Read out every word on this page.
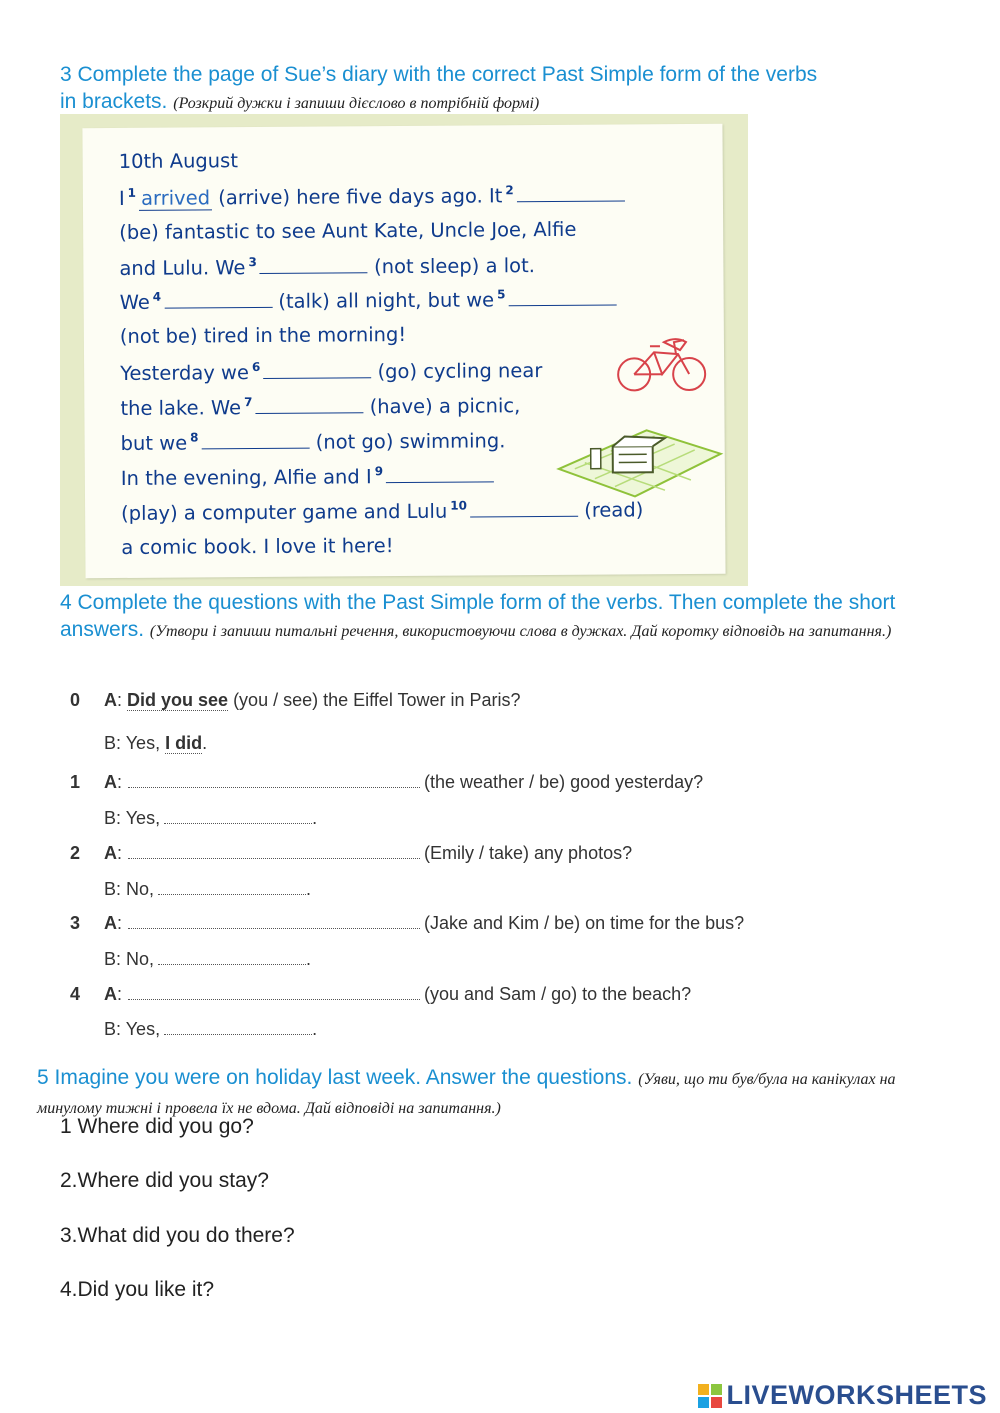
3 Complete the page of Sue’s diary with the correct Past Simple form of the verbs in brackets. (Розкрий дужки і запиши дієслово в потрібній формі)
10th August
I $^1$ arrived (arrive) here five days ago. It $^2$
(be) fantastic to see Aunt Kate, Uncle Joe, Alfie
and Lulu. We $^3$	(not sleep) a lot.
We $^4$	(talk) all night, but we $^5$
(not be) tired in the morning!
Yesterday we $^6$	(go) cycling near
the lake. We $^7$	(have) a picnic,
but we $^8$	(not go) swimming.
In the evening, Alfie and I $^9$
(play) a computer game and Lulu $^{10}$	(read)
a comic book. I love it here!
4 Complete the questions with the Past Simple form of the verbs. Then complete the short answers. (Утвори і запиши питальні речення, використовуючи слова в дужках. Дай коротку відповідь на запитання.)
0 A: Did you see (you / see) the Eiffel Tower in Paris?
B: Yes, I did.
1 A:	(the weather / be) good yesterday?
B: Yes,	.
2 A:	(Emily / take) any photos?
B: No,	.
3 A:	(Jake and Kim / be) on time for the bus?
B: No,	.
4 A:	(you and Sam / go) to the beach?
B: Yes,	.
5 Imagine you were on holiday last week. Answer the questions. (Уяви, що ти був/була на канікулах на минулому тижні і провела їх не вдома. Дай відповіді на запитання.)
1 Where did you go?
2.Where did you stay?
3.What did you do there?
4.Did you like it?
LIVEWORKSHEETS
